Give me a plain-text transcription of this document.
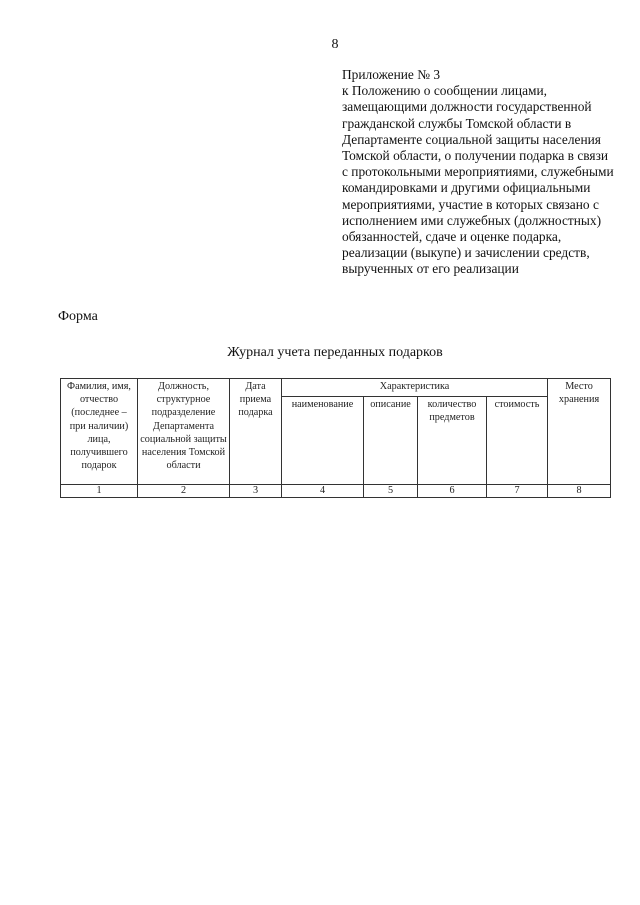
8

Приложение № 3

к Положению о сообщении лицами, замещающими должности государственной гражданской службы Томской области в Департаменте социальной защиты населения Томской области, о получении подарка в связи с протокольными мероприятиями, служебными командировками и другими официальными мероприятиями, участие в которых связано с исполнением ими служебных (должностных) обязанностей, сдаче и оценке подарка, реализации (выкупе) и зачислении средств, вырученных от его реализации

Форма
Журнал учета переданных подарков
Фамилия, имя, отчество (последнее – при наличии) лица, получившего подарок	Должность, структурное подразделение Департамента социальной защиты населения Томской области	Дата приема подарка	Характеристика				Место хранения
			наименование	описание	количество предметов	стоимость	
1	2	3	4	5	6	7	8
